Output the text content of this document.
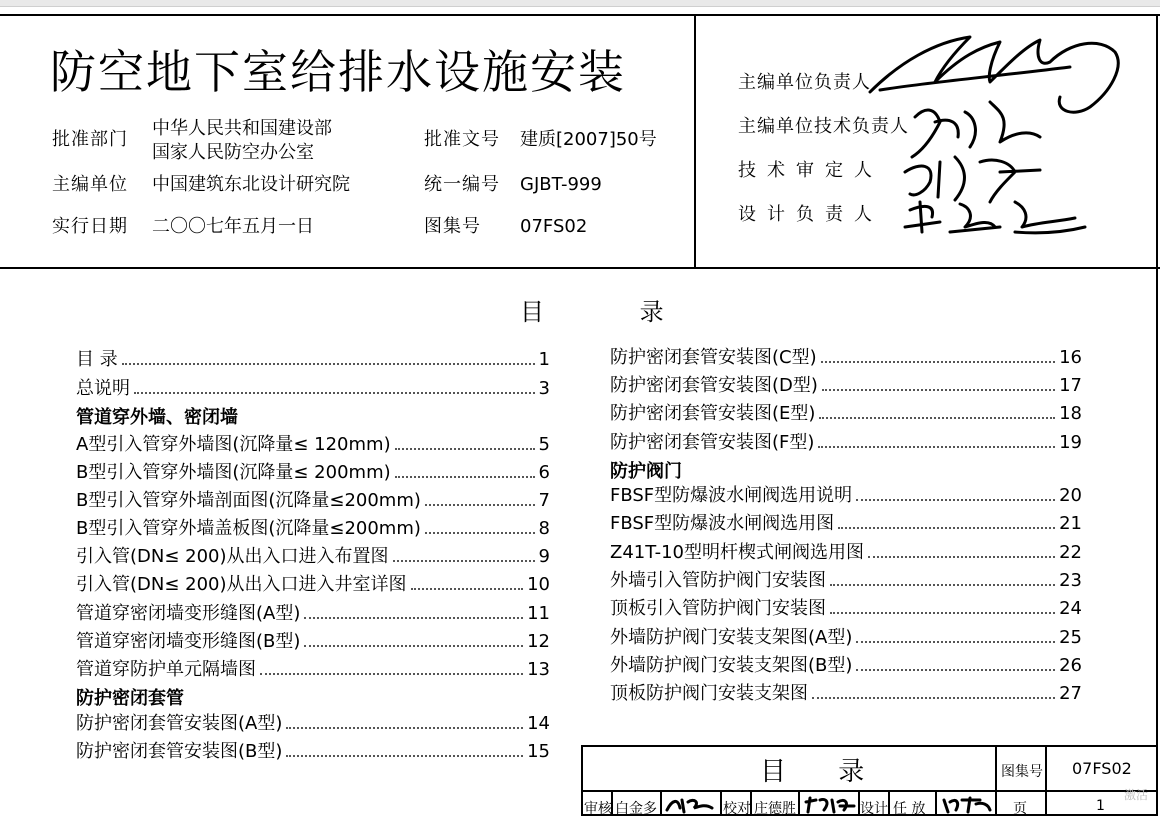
防空地下室给排水设施安装
批准部门
中华人民共和国建设部
国家人民防空办公室
批准文号 建质[2007]50号
主编单位 中国建筑东北设计研究院	统一编号 GJBT-999
实行日期 二〇〇七年五月一日	图集号 07FS02
主编单位负责人
主编单位技术负责人
技术审定人
设计负责人
目 录
目 录	1
总说明	3
管道穿外墙、密闭墙
A型引入管穿外墙图(沉降量≤ 120mm)	5
B型引入管穿外墙图(沉降量≤ 200mm)	6
B型引入管穿外墙剖面图(沉降量≤200mm)	7
B型引入管穿外墙盖板图(沉降量≤200mm)	8
引入管(DN≤ 200)从出入口进入布置图	9
引入管(DN≤ 200)从出入口进入井室详图	10
管道穿密闭墙变形缝图(A型)	11
管道穿密闭墙变形缝图(B型)	12
管道穿防护单元隔墙图	13
防护密闭套管
防护密闭套管安装图(A型)	14
防护密闭套管安装图(B型)	15
防护密闭套管安装图(C型)	16
防护密闭套管安装图(D型)	17
防护密闭套管安装图(E型)	18
防护密闭套管安装图(F型)	19
防护阀门
FBSF型防爆波水闸阀选用说明	20
FBSF型防爆波水闸阀选用图	21
Z41T-10型明杆楔式闸阀选用图	22
外墙引入管防护阀门安装图	23
顶板引入管防护阀门安装图	24
外墙防护阀门安装支架图(A型)	25
外墙防护阀门安装支架图(B型)	26
顶板防护阀门安装支架图	27
目 录	图集号 07FS02
审核 白金多	校对 庄德胜	设计 任 放	页	1
激活
